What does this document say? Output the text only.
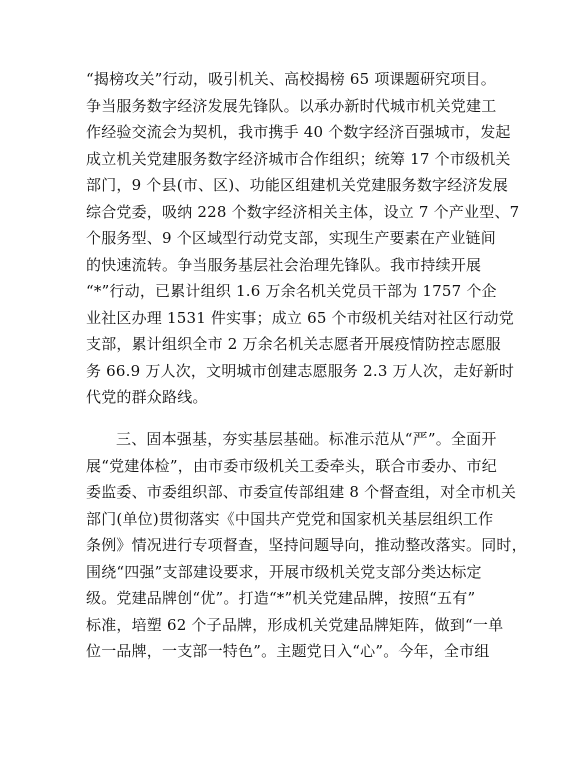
“揭榜攻关”行动，吸引机关、高校揭榜 65 项课题研究项目。
争当服务数字经济发展先锋队。以承办新时代城市机关党建工
作经验交流会为契机，我市携手 40 个数字经济百强城市，发起
成立机关党建服务数字经济城市合作组织；统筹 17 个市级机关
部门，9 个县(市、区)、功能区组建机关党建服务数字经济发展
综合党委，吸纳 228 个数字经济相关主体，设立 7 个产业型、7
个服务型、9 个区域型行动党支部，实现生产要素在产业链间
的快速流转。争当服务基层社会治理先锋队。我市持续开展
“*”行动，已累计组织 1.6 万余名机关党员干部为 1757 个企
业社区办理 1531 件实事；成立 65 个市级机关结对社区行动党
支部，累计组织全市 2 万余名机关志愿者开展疫情防控志愿服
务 66.9 万人次，文明城市创建志愿服务 2.3 万人次，走好新时
代党的群众路线。
三、固本强基，夯实基层基础。标准示范从“严”。全面开
展“党建体检”，由市委市级机关工委牵头，联合市委办、市纪
委监委、市委组织部、市委宣传部组建 8 个督查组，对全市机关
部门(单位)贯彻落实《中国共产党党和国家机关基层组织工作
条例》情况进行专项督查，坚持问题导向，推动整改落实。同时，
围绕“四强”支部建设要求，开展市级机关党支部分类达标定
级。党建品牌创“优”。打造“*”机关党建品牌，按照“五有”
标准，培塑 62 个子品牌，形成机关党建品牌矩阵，做到“一单
位一品牌，一支部一特色”。主题党日入“心”。今年，全市组
